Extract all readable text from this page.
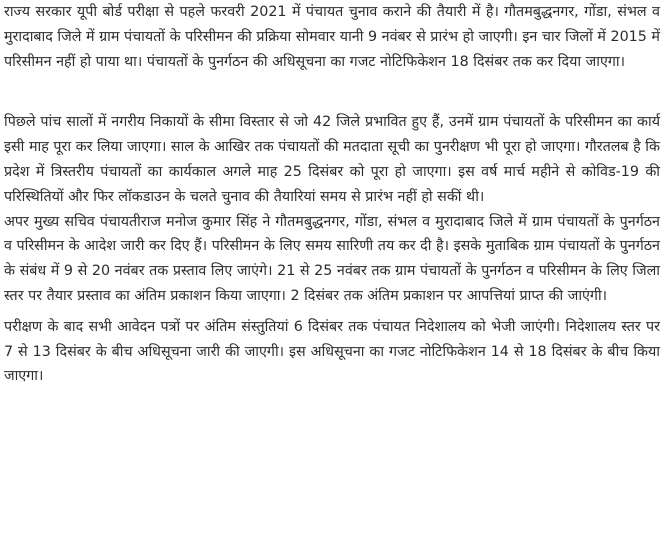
राज्य सरकार यूपी बोर्ड परीक्षा से पहले फरवरी 2021 में पंचायत चुनाव कराने की तैयारी में है। गौतमबुद्धनगर, गोंडा, संभल व मुरादाबाद जिले में ग्राम पंचायतों के परिसीमन की प्रक्रिया सोमवार यानी 9 नवंबर से प्रारंभ हो जाएगी। इन चार जिलों में 2015 में परिसीमन नहीं हो पाया था। पंचायतों के पुनर्गठन की अधिसूचना का गजट नोटिफिकेशन 18 दिसंबर तक कर दिया जाएगा।

पिछले पांच सालों में नगरीय निकायों के सीमा विस्तार से जो 42 जिले प्रभावित हुए हैं, उनमें ग्राम पंचायतों के परिसीमन का कार्य इसी माह पूरा कर लिया जाएगा। साल के आखिर तक पंचायतों की मतदाता सूची का पुनरीक्षण भी पूरा हो जाएगा। गौरतलब है कि प्रदेश में त्रिस्तरीय पंचायतों का कार्यकाल अगले माह 25 दिसंबर को पूरा हो जाएगा। इस वर्ष मार्च महीने से कोविड-19 की परिस्थितियों और फिर लॉकडाउन के चलते चुनाव की तैयारियां समय से प्रारंभ नहीं हो सकीं थी।

अपर मुख्य सचिव पंचायतीराज मनोज कुमार सिंह ने गौतमबुद्धनगर, गोंडा, संभल व मुरादाबाद जिले में ग्राम पंचायतों के पुनर्गठन व परिसीमन के आदेश जारी कर दिए हैं। परिसीमन के लिए समय सारिणी तय कर दी है। इसके मुताबिक ग्राम पंचायतों के पुनर्गठन के संबंध में 9 से 20 नवंबर तक प्रस्ताव लिए जाएंगे। 21 से 25 नवंबर तक ग्राम पंचायतों के पुनर्गठन व परिसीमन के लिए जिला स्तर पर तैयार प्रस्ताव का अंतिम प्रकाशन किया जाएगा। 2 दिसंबर तक अंतिम प्रकाशन पर आपत्तियां प्राप्त की जाएंगी।

परीक्षण के बाद सभी आवेदन पत्रों पर अंतिम संस्तुतियां 6 दिसंबर तक पंचायत निदेशालय को भेजी जाएंगी। निदेशालय स्तर पर 7 से 13 दिसंबर के बीच अधिसूचना जारी की जाएगी। इस अधिसूचना का गजट नोटिफिकेशन 14 से 18 दिसंबर के बीच किया जाएगा।
